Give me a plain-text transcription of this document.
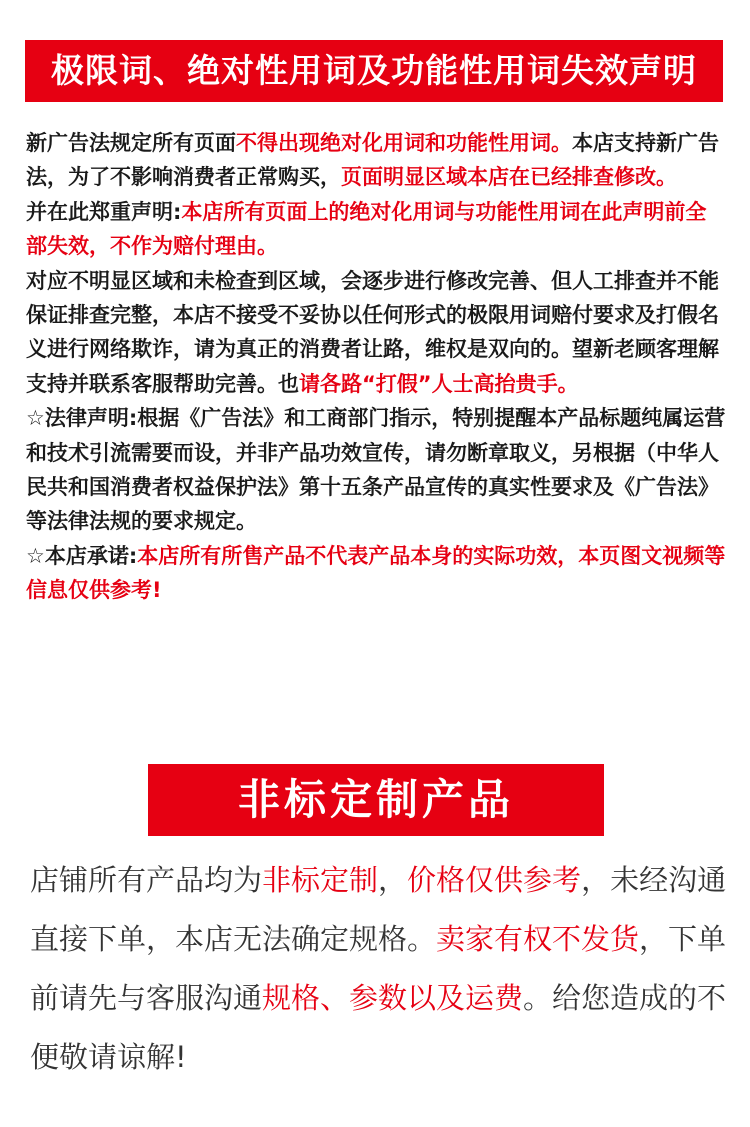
极限词、绝对性用词及功能性用词失效声明

新广告法规定所有页面不得出现绝对化用词和功能性用词。本店支持新广告法，为了不影响消费者正常购买，页面明显区域本店在已经排查修改。

并在此郑重声明:本店所有页面上的绝对化用词与功能性用词在此声明前全部失效，不作为赔付理由。

对应不明显区域和未检查到区域，会逐步进行修改完善、但人工排查并不能保证排查完整，本店不接受不妥协以任何形式的极限用词赔付要求及打假名义进行网络欺诈，请为真正的消费者让路，维权是双向的。望新老顾客理解支持并联系客服帮助完善。也请各路“打假”人士高抬贵手。

☆法律声明:根据《广告法》和工商部门指示，特别提醒本产品标题纯属运营和技术引流需要而设，并非产品功效宣传，请勿断章取义，另根据（中华人民共和国消费者权益保护法》第十五条产品宣传的真实性要求及《广告法》等法律法规的要求规定。

☆本店承诺:本店所有所售产品不代表产品本身的实际功效，本页图文视频等信息仅供参考!

非标定制产品

店铺所有产品均为非标定制，价格仅供参考，未经沟通直接下单，本店无法确定规格。卖家有权不发货，下单前请先与客服沟通规格、参数以及运费。给您造成的不便敬请谅解!
